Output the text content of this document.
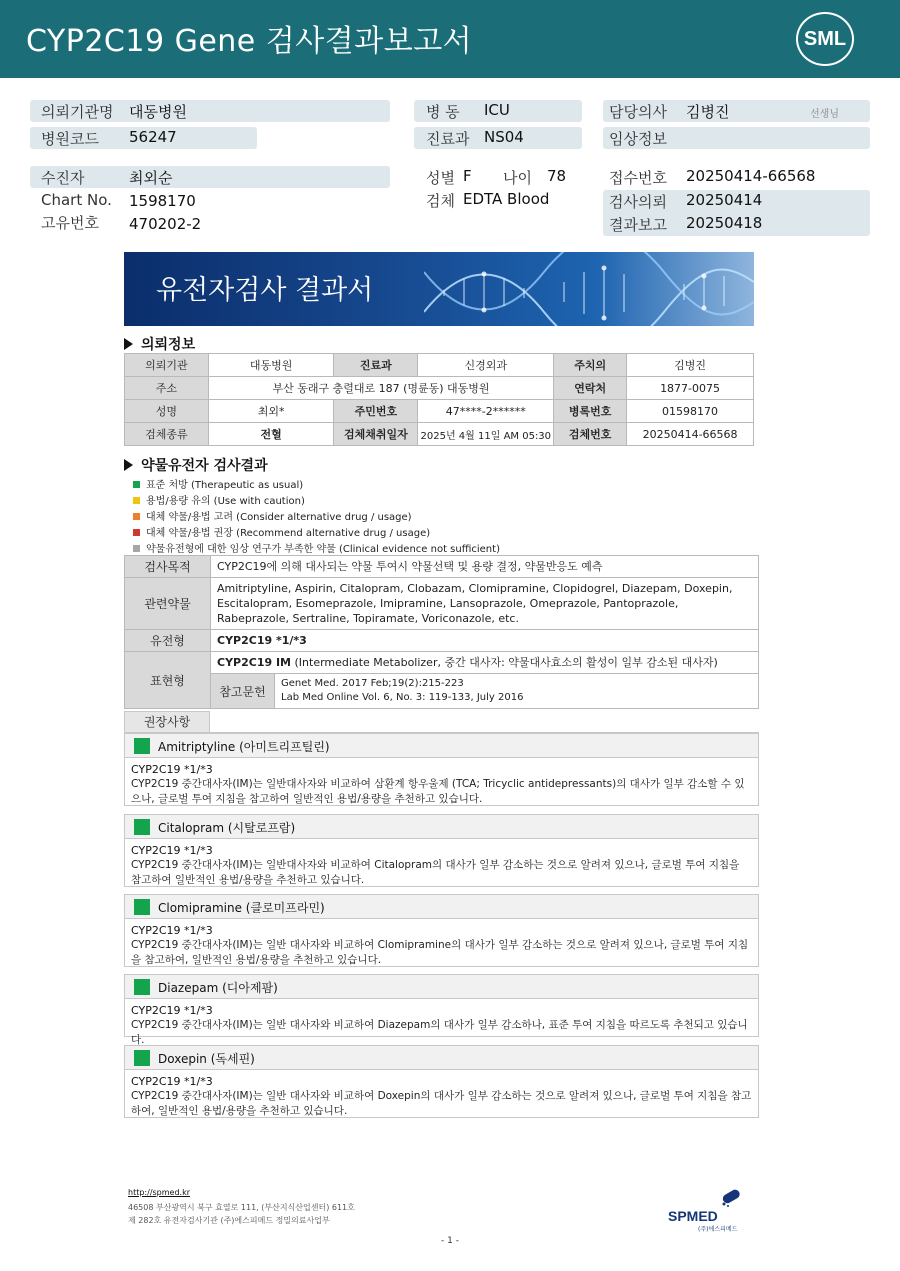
CYP2C19 Gene 검사결과보고서	SML
의뢰기관명 대동병원
병원코드 56247
병 동 ICU
진료과 NS04
담당의사 김병진	선생님
임상정보
수진자	최외순
Chart No. 1598170
고유번호 470202-2
성별 F 나이 78
검체 EDTA Blood
접수번호 20250414-66568
검사의뢰 20250414
결과보고 20250418
유전자검사 결과서
의뢰정보
의뢰기관	대동병원	진료과	신경외과	주치의	김병진
주소	부산 동래구 충렬대로 187 (명륜동) 대동병원			연락처	1877-0075
성명	최외*	주민번호	47****-2******	병록번호	01598170
검체종류	전혈	검체채취일자	2025년 4월 11일 AM 05:30	검체번호	20250414-66568
약물유전자 검사결과
표준 처방 (Therapeutic as usual)
용법/용량 유의 (Use with caution)
대체 약물/용법 고려 (Consider alternative drug / usage)
대체 약물/용법 권장 (Recommend alternative drug / usage)
약물유전형에 대한 임상 연구가 부족한 약물 (Clinical evidence not sufficient)
검사목적	CYP2C19에 의해 대사되는 약물 투여시 약물선택 및 용량 결정, 약물반응도 예측	
관련약물	Amitriptyline, Aspirin, Citalopram, Clobazam, Clomipramine, Clopidogrel, Diazepam, Doxepin, Escitalopram, Esomeprazole, Imipramine, Lansoprazole, Omeprazole, Pantoprazole, Rabeprazole, Sertraline, Topiramate, Voriconazole, etc.	
유전형	CYP2C19 *1/*3	
표현형	CYP2C19 IM (Intermediate Metabolizer, 중간 대사자: 약물대사효소의 활성이 일부 감소된 대사자)	
	참고문헌	Genet Med. 2017 Feb;19(2):215-223
Lab Med Online Vol. 6, No. 3: 119-133, July 2016
권장사항
Amitriptyline (아미트리프틸린)
CYP2C19 *1/*3
CYP2C19 중간대사자(IM)는 일반대사자와 비교하여 삼환계 항우울제 (TCA; Tricyclic antidepressants)의 대사가 일부 감소할 수 있으나, 글로벌 투여 지침을 참고하여 일반적인 용법/용량을 추천하고 있습니다.
Citalopram (시탈로프람)
CYP2C19 *1/*3
CYP2C19 중간대사자(IM)는 일반대사자와 비교하여 Citalopram의 대사가 일부 감소하는 것으로 알려져 있으나, 글로벌 투여 지침을 참고하여 일반적인 용법/용량을 추천하고 있습니다.
Clomipramine (클로미프라민)
CYP2C19 *1/*3
CYP2C19 중간대사자(IM)는 일반 대사자와 비교하여 Clomipramine의 대사가 일부 감소하는 것으로 알려져 있으나, 글로벌 투여 지침을 참고하여, 일반적인 용법/용량을 추천하고 있습니다.
Diazepam (디아제팜)
CYP2C19 *1/*3
CYP2C19 중간대사자(IM)는 일반 대사자와 비교하여 Diazepam의 대사가 일부 감소하나, 표준 투여 지침을 따르도록 추천되고 있습니다.
Doxepin (독세핀)
CYP2C19 *1/*3
CYP2C19 중간대사자(IM)는 일반 대사자와 비교하여 Doxepin의 대사가 일부 감소하는 것으로 알려져 있으나, 글로벌 투여 지침을 참고하여, 일반적인 용법/용량을 추천하고 있습니다.
http://spmed.kr
46508 부산광역시 북구 효열로 111, (부산지식산업센터) 611호
제 282호 유전자검사기관 (주)에스피메드 정밀의료사업부	SPMED
(주)에스피메드
- 1 -
